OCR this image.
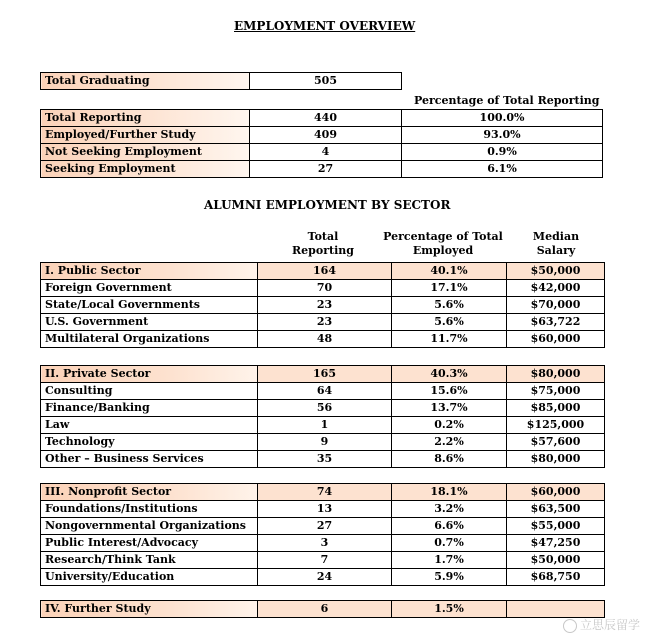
EMPLOYMENT OVERVIEW
Total Graduating	505
Percentage of Total Reporting
Total Reporting	440	100.0%
Employed/Further Study	409	93.0%
Not Seeking Employment	4	0.9%
Seeking Employment	27	6.1%
ALUMNI EMPLOYMENT BY SECTOR
Total
Reporting
Percentage of Total
Employed
Median
Salary
I. Public Sector	164	40.1%	$50,000
Foreign Government	70	17.1%	$42,000
State/Local Governments	23	5.6%	$70,000
U.S. Government	23	5.6%	$63,722
Multilateral Organizations	48	11.7%	$60,000
II. Private Sector	165	40.3%	$80,000
Consulting	64	15.6%	$75,000
Finance/Banking	56	13.7%	$85,000
Law	1	0.2%	$125,000
Technology	9	2.2%	$57,600
Other – Business Services	35	8.6%	$80,000
III. Nonprofit Sector	74	18.1%	$60,000
Foundations/Institutions	13	3.2%	$63,500
Nongovernmental Organizations	27	6.6%	$55,000
Public Interest/Advocacy	3	0.7%	$47,250
Research/Think Tank	7	1.7%	$50,000
University/Education	24	5.9%	$68,750
IV. Further Study	6	1.5%	
立思辰留学
